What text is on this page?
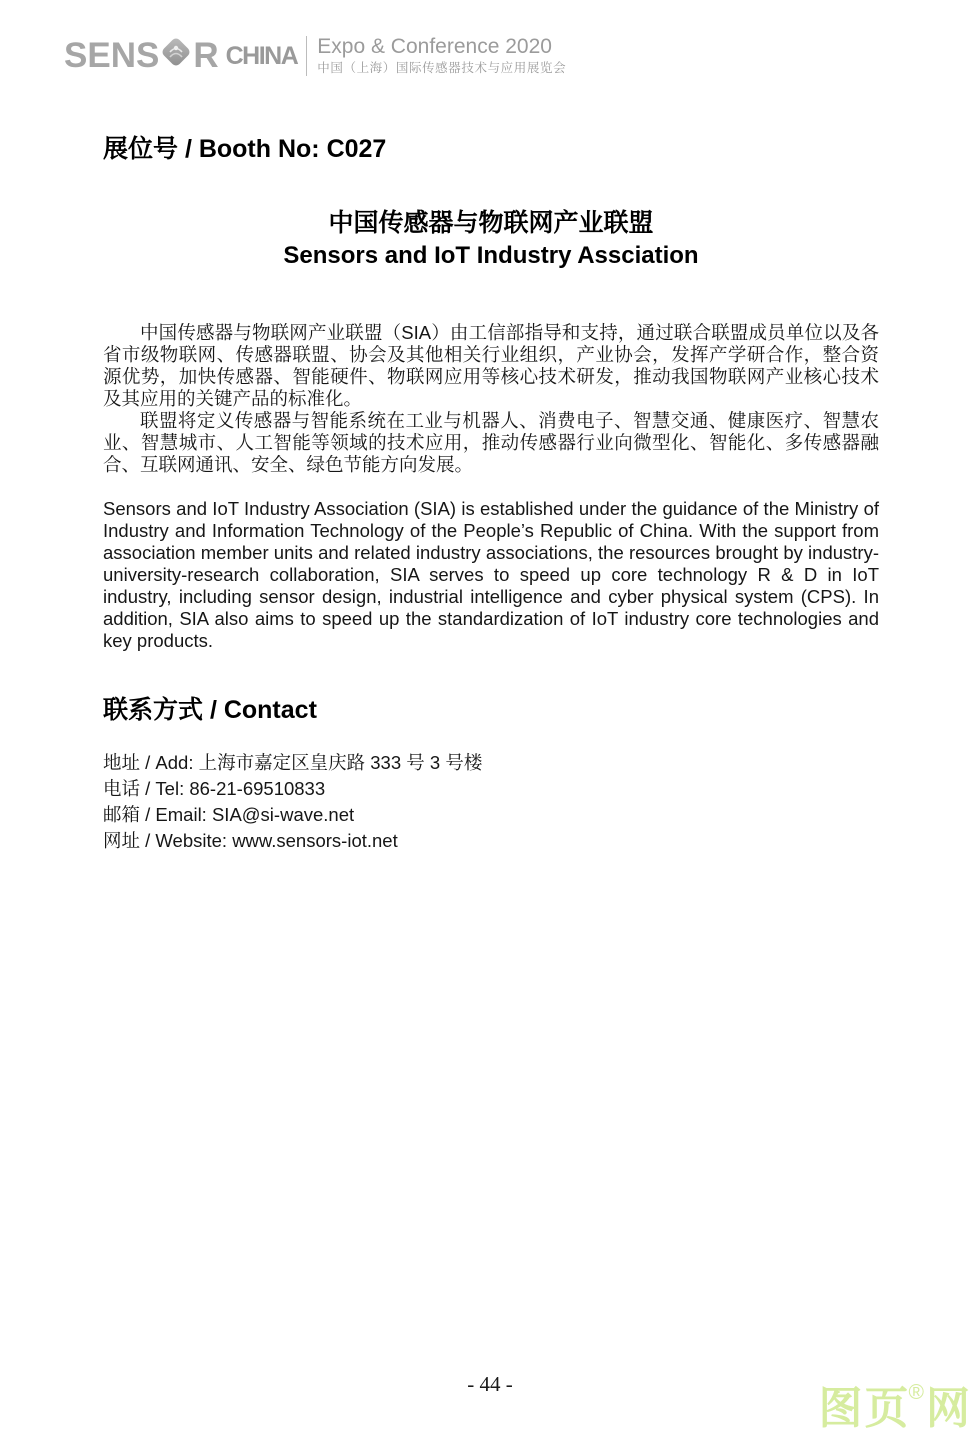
SENS R CHINA Expo & Conference 2020
中国（上海）国际传感器技术与应用展览会
展位号 / Booth No: C027
中国传感器与物联网产业联盟
Sensors and IoT Industry Assciation

中国传感器与物联网产业联盟（SIA）由工信部指导和支持，通过联合联盟成员单位以及各省市级物联网、传感器联盟、协会及其他相关行业组织，产业协会，发挥产学研合作，整合资源优势，加快传感器、智能硬件、物联网应用等核心技术研发，推动我国物联网产业核心技术及其应用的关键产品的标准化。

联盟将定义传感器与智能系统在工业与机器人、消费电子、智慧交通、健康医疗、智慧农业、智慧城市、人工智能等领域的技术应用，推动传感器行业向微型化、智能化、多传感器融合、互联网通讯、安全、绿色节能方向发展。

Sensors and IoT Industry Association (SIA) is established under the guidance of the Ministry of Industry and Information Technology of the People’s Republic of China. With the support from association member units and related industry associations, the resources brought by industry-university-research collaboration, SIA serves to speed up core technology R & D in IoT industry, including sensor design, industrial intelligence and cyber physical system (CPS). In addition, SIA also aims to speed up the standardization of IoT industry core technologies and key products.

联系方式 / Contact
地址 / Add: 上海市嘉定区皇庆路 333 号 3 号楼
电话 / Tel: 86-21-69510833
邮箱 / Email: SIA@si-wave.net
网址 / Website: www.sensors-iot.net
- 44 -	图页®网
